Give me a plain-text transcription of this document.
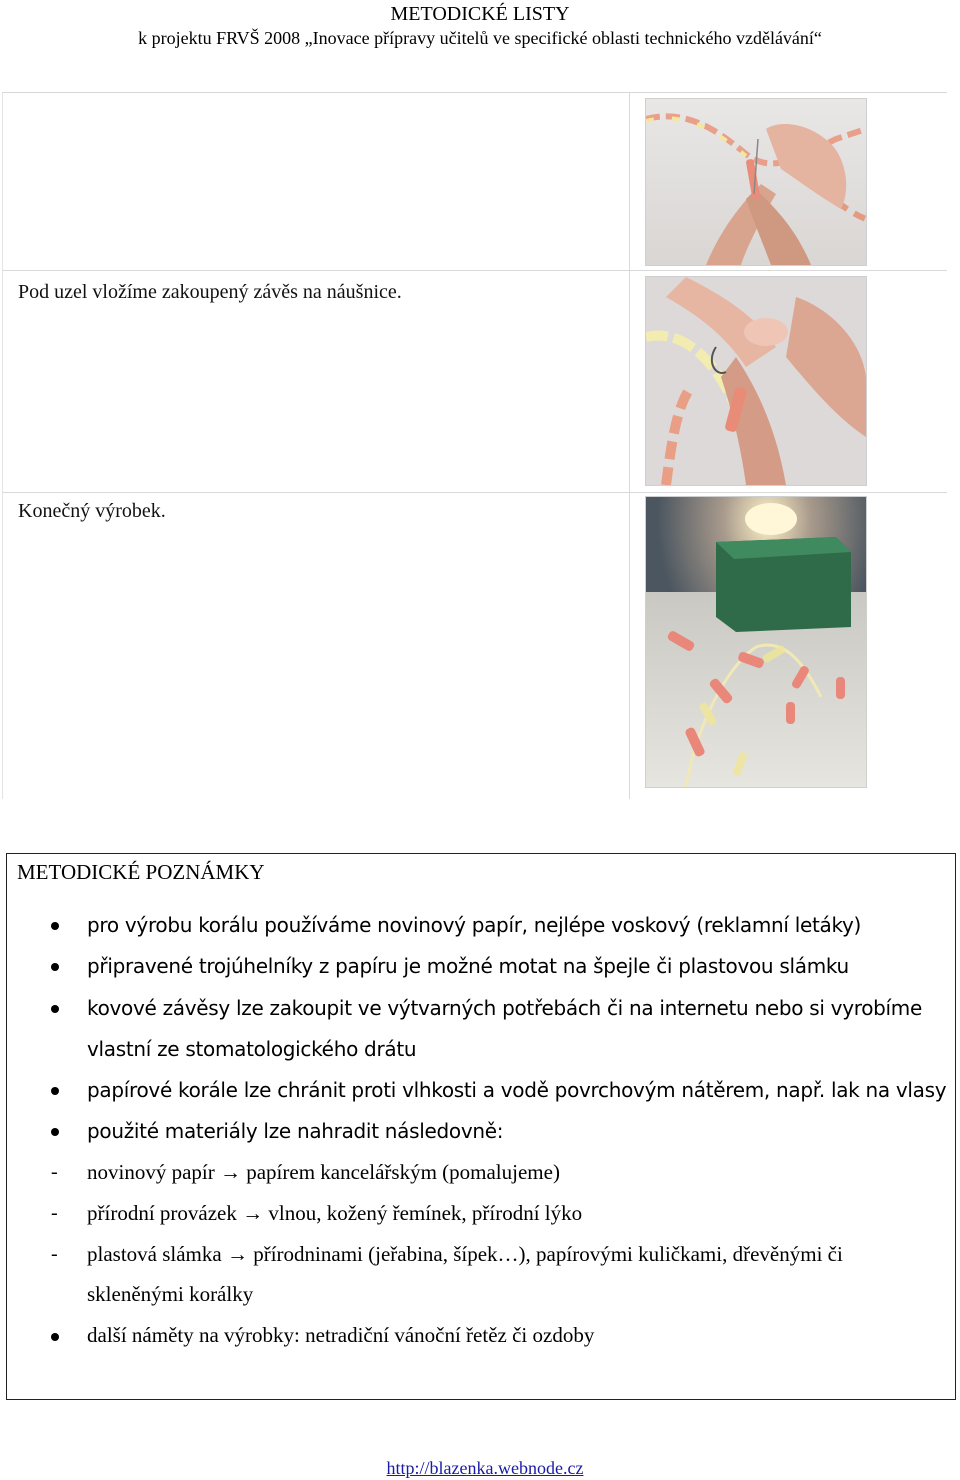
METODICKÉ LISTY
k projektu FRVŠ 2008 „Inovace přípravy učitelů ve specifické oblasti technického vzdělávání“
Pod uzel vložíme zakoupený závěs na náušnice.
Konečný výrobek.
METODICKÉ POZNÁMKY
pro výrobu korálu používáme novinový papír, nejlépe voskový (reklamní letáky)
připravené trojúhelníky z papíru je možné motat na špejle či plastovou slámku
kovové závěsy lze zakoupit ve výtvarných potřebách či na internetu nebo si vyrobíme
vlastní ze stomatologického drátu
papírové korále lze chránit proti vlhkosti a vodě povrchovým nátěrem, např. lak na vlasy
použité materiály lze nahradit následovně:
- novinový papír → papírem kancelářským (pomalujeme)
- přírodní provázek → vlnou, kožený řemínek, přírodní lýko
- plastová slámka → přírodninami (jeřabina, šípek…), papírovými kuličkami, dřevěnými či
skleněnými korálky
další náměty na výrobky: netradiční vánoční řetěz či ozdoby
http://blazenka.webnode.cz
